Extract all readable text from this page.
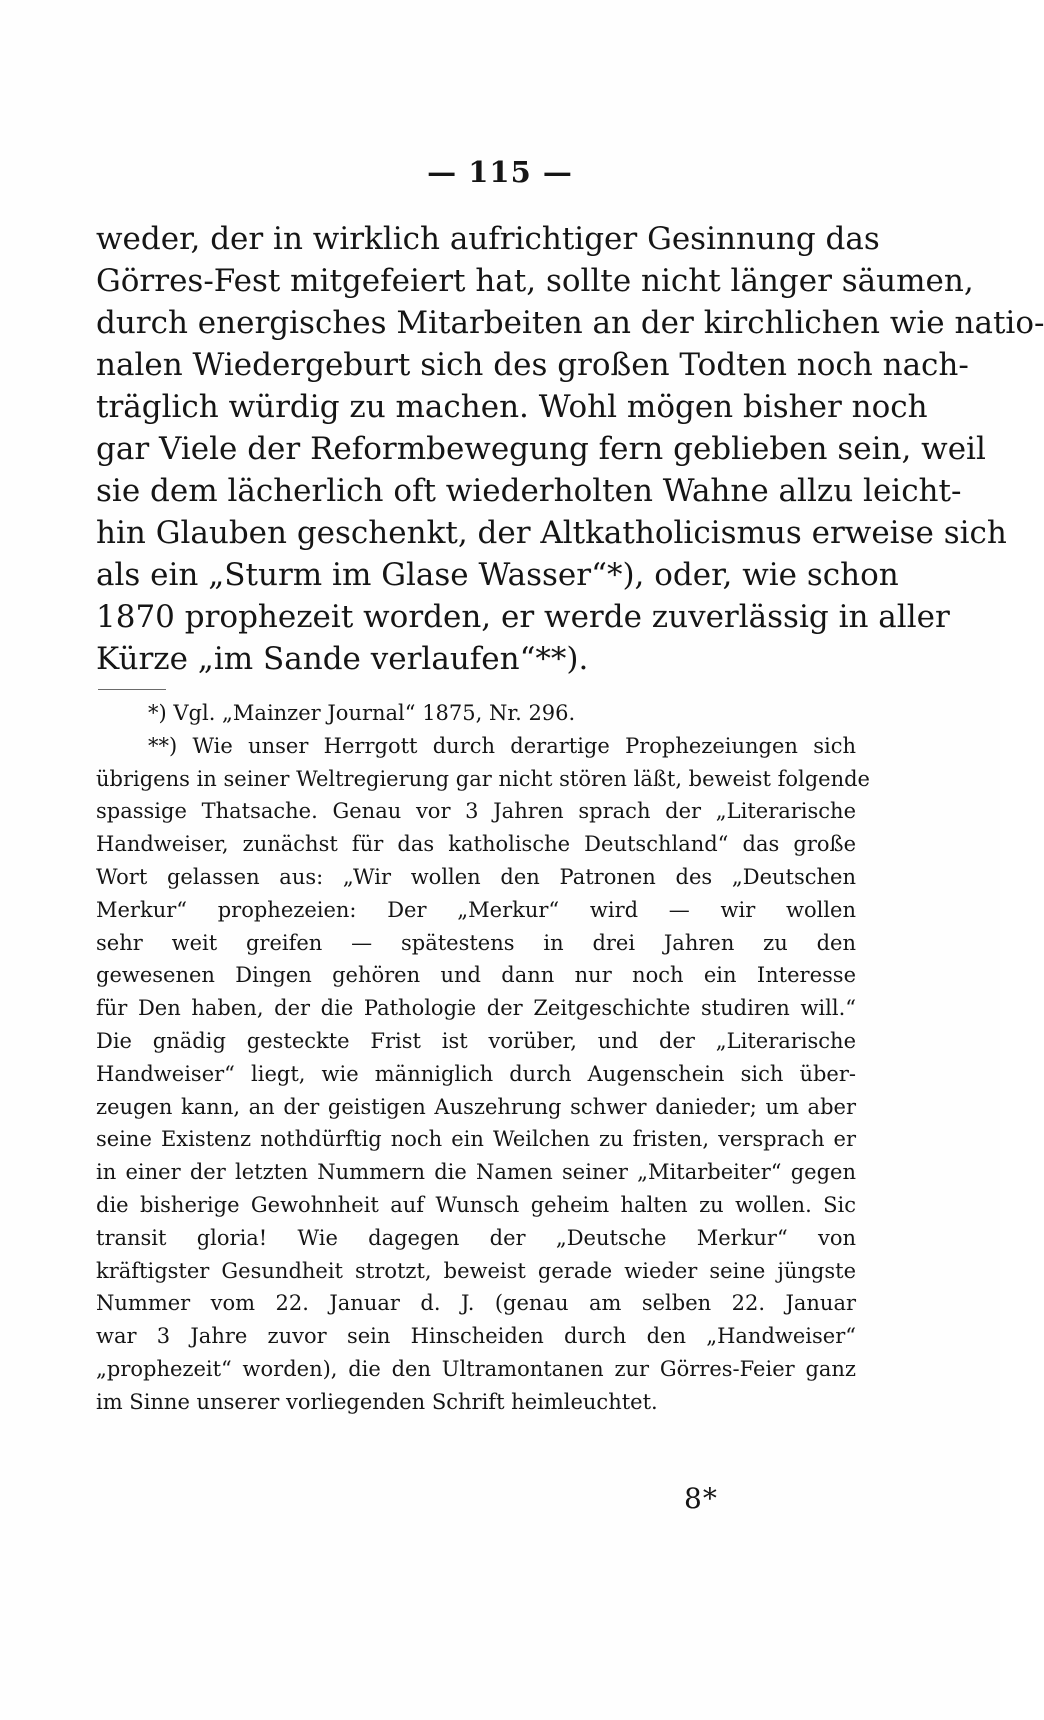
— 115 —
weder, der in wirklich aufrichtiger Gesinnung das
Görres-Fest mitgefeiert hat, sollte nicht länger säumen,
durch energisches Mitarbeiten an der kirchlichen wie natio-
nalen Wiedergeburt sich des großen Todten noch nach-
träglich würdig zu machen. Wohl mögen bisher noch
gar Viele der Reformbewegung fern geblieben sein, weil
sie dem lächerlich oft wiederholten Wahne allzu leicht-
hin Glauben geschenkt, der Altkatholicismus erweise sich
als ein „Sturm im Glase Wasser“*), oder, wie schon
1870 prophezeit worden, er werde zuverlässig in aller
Kürze „im Sande verlaufen“**).
*) Vgl. „Mainzer Journal“ 1875, Nr. 296.
**) Wie unser Herrgott durch derartige Prophezeiungen sich
übrigens in seiner Weltregierung gar nicht stören läßt, beweist folgende
spassige Thatsache. Genau vor 3 Jahren sprach der „Literarische
Handweiser, zunächst für das katholische Deutschland“ das große
Wort gelassen aus: „Wir wollen den Patronen des „Deutschen
Merkur“ prophezeien: Der „Merkur“ wird — wir wollen
sehr weit greifen — spätestens in drei Jahren zu den
gewesenen Dingen gehören und dann nur noch ein Interesse
für Den haben, der die Pathologie der Zeitgeschichte studiren will.“
Die gnädig gesteckte Frist ist vorüber, und der „Literarische
Handweiser“ liegt, wie männiglich durch Augenschein sich über-
zeugen kann, an der geistigen Auszehrung schwer danieder; um aber
seine Existenz nothdürftig noch ein Weilchen zu fristen, versprach er
in einer der letzten Nummern die Namen seiner „Mitarbeiter“ gegen
die bisherige Gewohnheit auf Wunsch geheim halten zu wollen. Sic
transit gloria! Wie dagegen der „Deutsche Merkur“ von
kräftigster Gesundheit strotzt, beweist gerade wieder seine jüngste
Nummer vom 22. Januar d. J. (genau am selben 22. Januar
war 3 Jahre zuvor sein Hinscheiden durch den „Handweiser“
„prophezeit“ worden), die den Ultramontanen zur Görres-Feier ganz
im Sinne unserer vorliegenden Schrift heimleuchtet.
8*
